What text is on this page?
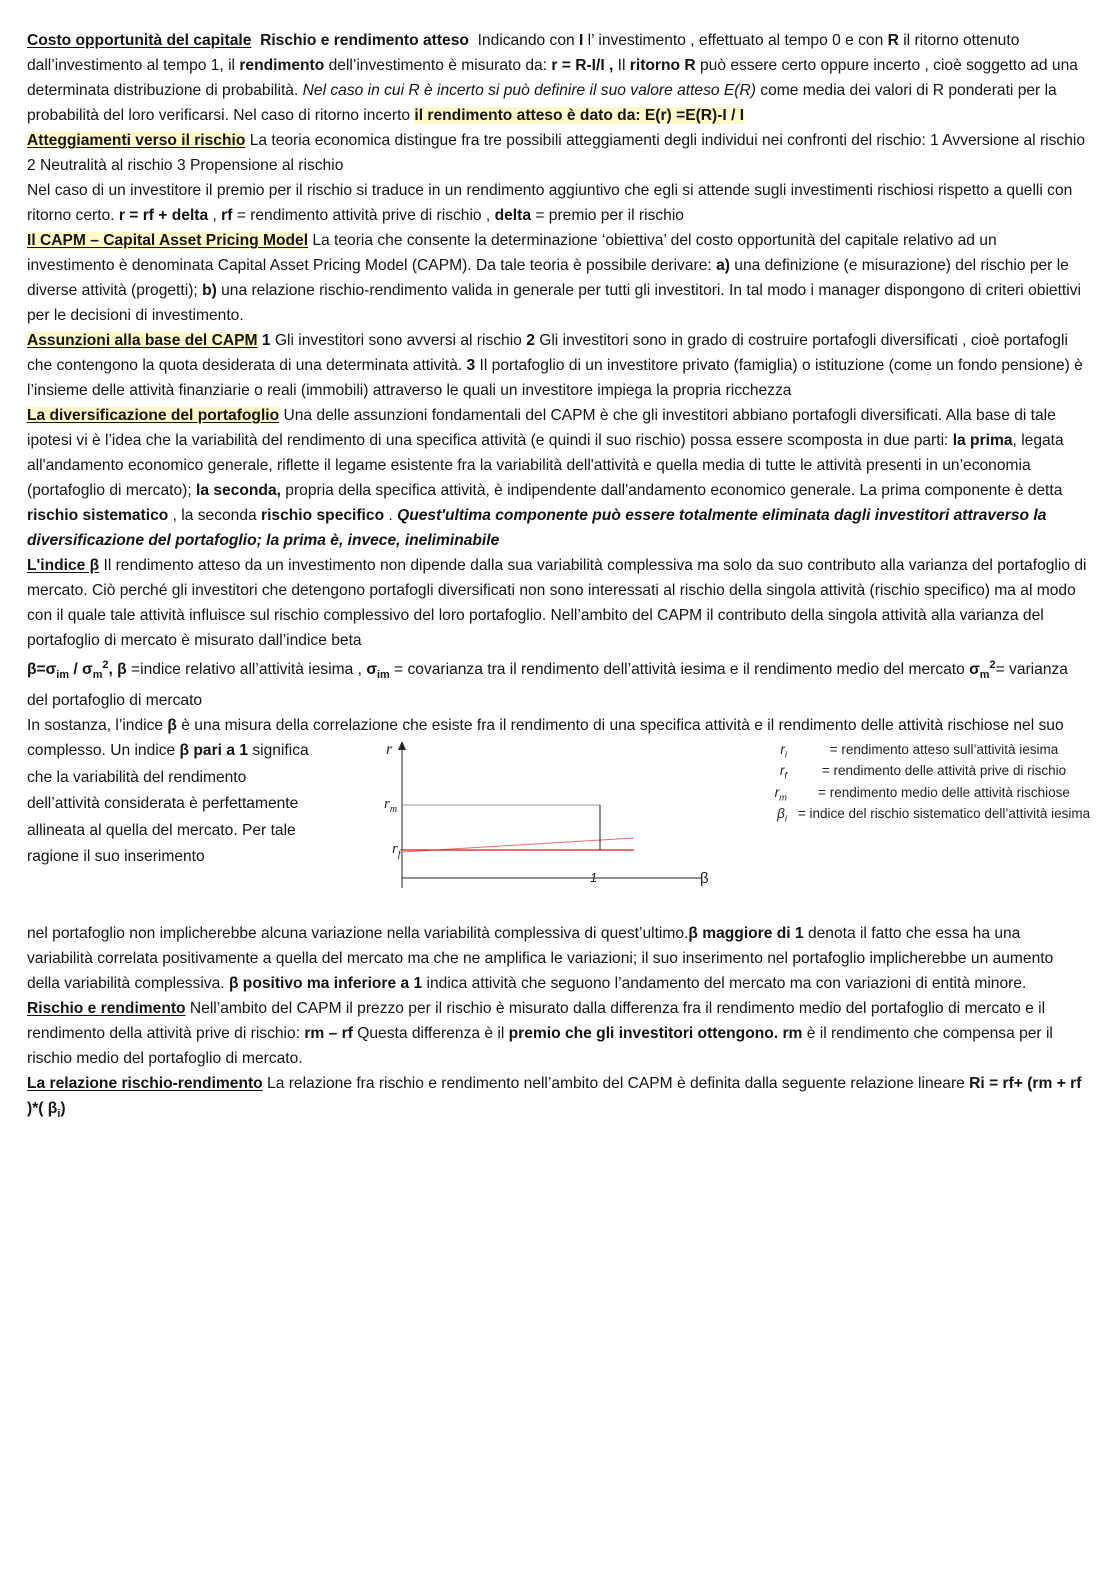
Costo opportunità del capitale Rischio e rendimento atteso Indicando con I l’ investimento , effettuato al tempo 0 e con R il ritorno ottenuto dall’investimento al tempo 1, il rendimento dell’investimento è misurato da: r = R-I/I , Il ritorno R può essere certo oppure incerto , cioè soggetto ad una determinata distribuzione di probabilità. Nel caso in cui R è incerto si può definire il suo valore atteso E(R) come media dei valori di R ponderati per la probabilità del loro verificarsi. Nel caso di ritorno incerto il rendimento atteso è dato da: E(r) =E(R)-I / I

Atteggiamenti verso il rischio La teoria economica distingue fra tre possibili atteggiamenti degli individui nei confronti del rischio: 1 Avversione al rischio 2 Neutralità al rischio 3 Propensione al rischio

Nel caso di un investitore il premio per il rischio si traduce in un rendimento aggiuntivo che egli si attende sugli investimenti rischiosi rispetto a quelli con ritorno certo. r = rf + delta , rf = rendimento attività prive di rischio , delta = premio per il rischio

Il CAPM – Capital Asset Pricing Model La teoria che consente la determinazione ‘obiettiva’ del costo opportunità del capitale relativo ad un investimento è denominata Capital Asset Pricing Model (CAPM). Da tale teoria è possibile derivare: a) una definizione (e misurazione) del rischio per le diverse attività (progetti); b) una relazione rischio-rendimento valida in generale per tutti gli investitori. In tal modo i manager dispongono di criteri obiettivi per le decisioni di investimento.

Assunzioni alla base del CAPM 1 Gli investitori sono avversi al rischio 2 Gli investitori sono in grado di costruire portafogli diversificati , cioè portafogli che contengono la quota desiderata di una determinata attività. 3 Il portafoglio di un investitore privato (famiglia) o istituzione (come un fondo pensione) è l’insieme delle attività finanziarie o reali (immobili) attraverso le quali un investitore impiega la propria ricchezza

La diversificazione del portafoglio Una delle assunzioni fondamentali del CAPM è che gli investitori abbiano portafogli diversificati. Alla base di tale ipotesi vi è l’idea che la variabilità del rendimento di una specifica attività (e quindi il suo rischio) possa essere scomposta in due parti: la prima, legata all'andamento economico generale, riflette il legame esistente fra la variabilità dell'attività e quella media di tutte le attività presenti in un’economia (portafoglio di mercato); la seconda, propria della specifica attività, è indipendente dall'andamento economico generale. La prima componente è detta rischio sistematico , la seconda rischio specifico . Quest'ultima componente può essere totalmente eliminata dagli investitori attraverso la diversificazione del portafoglio; la prima è, invece, ineliminabile

L'indice β Il rendimento atteso da un investimento non dipende dalla sua variabilità complessiva ma solo da suo contributo alla varianza del portafoglio di mercato. Ciò perché gli investitori che detengono portafogli diversificati non sono interessati al rischio della singola attività (rischio specifico) ma al modo con il quale tale attività influisce sul rischio complessivo del loro portafoglio. Nell’ambito del CAPM il contributo della singola attività alla varianza del portafoglio di mercato è misurato dall’indice beta

$\beta=\sigma_{im} / \sigma_m^2$, β =indice relativo all’attività iesima , $\sigma_{im}$ = covarianza tra il rendimento dell’attività iesima e il rendimento medio del mercato $\sigma_m^2=$ varianza del portafoglio di mercato

In sostanza, l’indice β è una misura della correlazione che esiste fra il rendimento di una specifica attività e il rendimento delle attività rischiose nel suo

complesso. Un indice β pari a 1 significa che la variabilità del rendimento dell’attività considerata è perfettamente allineata al quella del mercato. Per tale ragione il suo inserimento
r
$r_m$
$r_f$
1	β
$r_i$	= rendimento atteso sull’attività iesima
$r_f$	= rendimento delle attività prive di rischio
$r_m$	= rendimento medio delle attività rischiose
$\beta_i$ = indice del rischio sistematico dell’attività iesima

nel portafoglio non implicherebbe alcuna variazione nella variabilità complessiva di quest’ultimo.β maggiore di 1 denota il fatto che essa ha una variabilità correlata positivamente a quella del mercato ma che ne amplifica le variazioni; il suo inserimento nel portafoglio implicherebbe un aumento della variabilità complessiva. β positivo ma inferiore a 1 indica attività che seguono l’andamento del mercato ma con variazioni di entità minore.

Rischio e rendimento Nell’ambito del CAPM il prezzo per il rischio è misurato dalla differenza fra il rendimento medio del portafoglio di mercato e il rendimento della attività prive di rischio: rm – rf Questa differenza è il premio che gli investitori ottengono. rm è il rendimento che compensa per il rischio medio del portafoglio di mercato.

La relazione rischio-rendimento La relazione fra rischio e rendimento nell’ambito del CAPM è definita dalla seguente relazione lineare Ri = rf+ (rm + rf )*( $\beta_i$)
